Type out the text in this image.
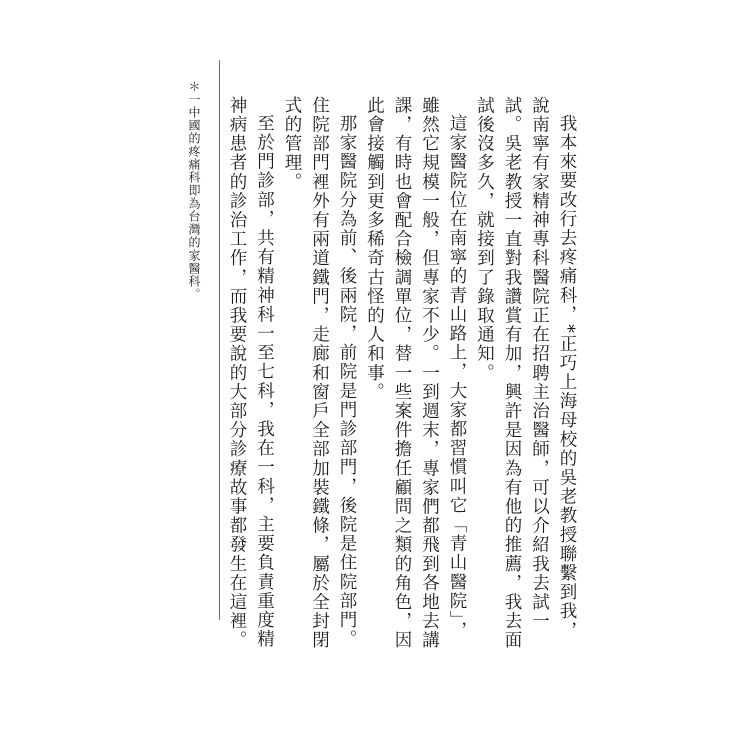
我本來要改行去疼痛科，*正巧上海母校的吳老教授聯繫到我，說南寧有家精神專科醫院正在招聘主治醫師，可以介紹我去試一試。吳老教授一直對我讚賞有加，興許是因為有他的推薦，我去面試後沒多久，就接到了錄取通知。

這家醫院位在南寧的青山路上，大家都習慣叫它「青山醫院」，雖然它規模一般，但專家不少。一到週末，專家們都飛到各地去講課，有時也會配合檢調單位，替一些案件擔任顧問之類的角色，因此會接觸到更多稀奇古怪的人和事。

那家醫院分為前、後兩院，前院是門診部門，後院是住院部門。住院部門裡外有兩道鐵門，走廊和窗戶全部加裝鐵條，屬於全封閉式的管理。

至於門診部，共有精神科一至七科，我在一科，主要負責重度精神病患者的診治工作，而我要說的大部分診療故事都發生在這裡。

＊一中國的疼痛科即為台灣的家醫科。
